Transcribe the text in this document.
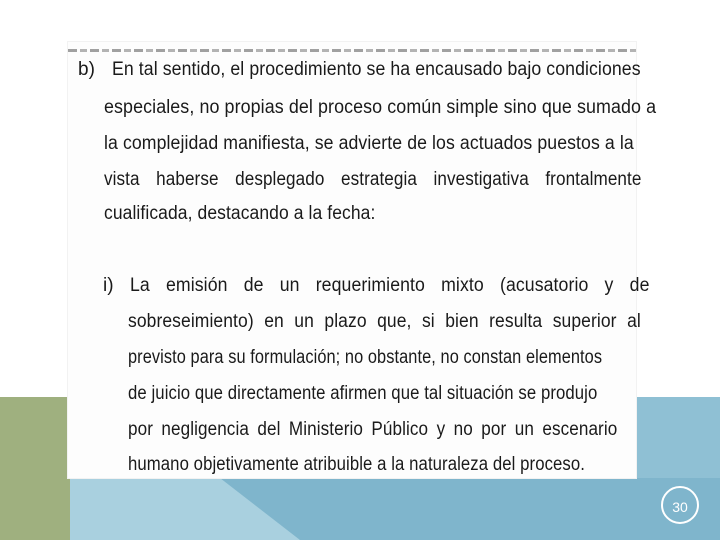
b) En tal sentido, el procedimiento se ha encausado bajo condiciones
especiales, no propias del proceso común simple sino que sumado a
la complejidad manifiesta, se advierte de los actuados puestos a la
vista haberse desplegado estrategia investigativa frontalmente
cualificada, destacando a la fecha:
i) La emisión de un requerimiento mixto (acusatorio y de
sobreseimiento) en un plazo que, si bien resulta superior al
previsto para su formulación; no obstante, no constan elementos
de juicio que directamente afirmen que tal situación se produjo
por negligencia del Ministerio Público y no por un escenario
humano objetivamente atribuible a la naturaleza del proceso.
30
